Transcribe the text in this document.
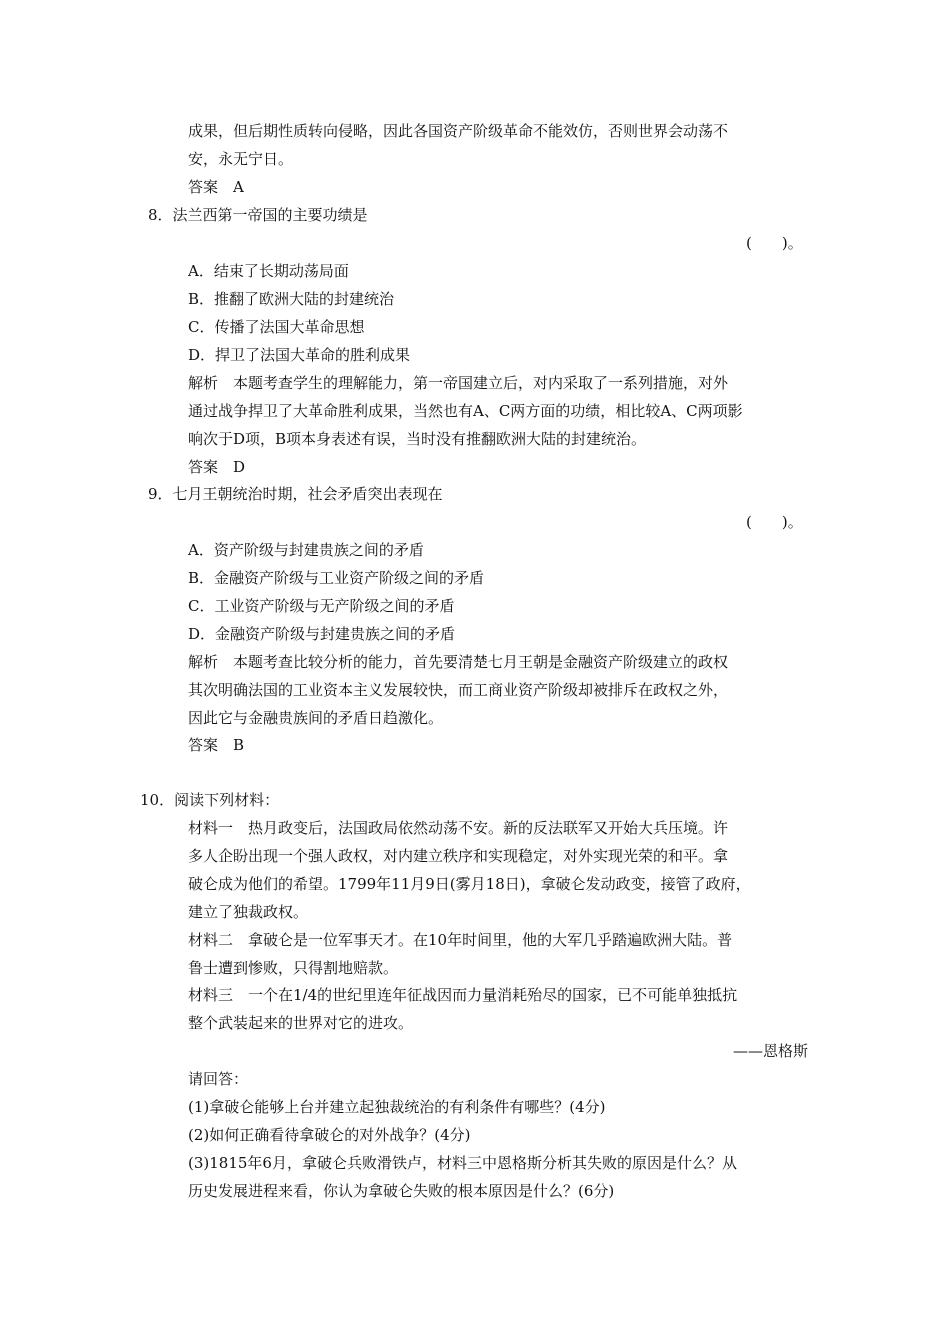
成果，但后期性质转向侵略，因此各国资产阶级革命不能效仿，否则世界会动荡不
安，永无宁日。
答案　A
8．法兰西第一帝国的主要功绩是
(　　)。
A．结束了长期动荡局面
B．推翻了欧洲大陆的封建统治
C．传播了法国大革命思想
D．捍卫了法国大革命的胜利成果
解析　本题考查学生的理解能力，第一帝国建立后，对内采取了一系列措施，对外
通过战争捍卫了大革命胜利成果，当然也有A、C两方面的功绩，相比较A、C两项影
响次于D项，B项本身表述有误，当时没有推翻欧洲大陆的封建统治。
答案　D
9．七月王朝统治时期，社会矛盾突出表现在
(　　)。
A．资产阶级与封建贵族之间的矛盾
B．金融资产阶级与工业资产阶级之间的矛盾
C．工业资产阶级与无产阶级之间的矛盾
D．金融资产阶级与封建贵族之间的矛盾
解析　本题考查比较分析的能力，首先要清楚七月王朝是金融资产阶级建立的政权
其次明确法国的工业资本主义发展较快，而工商业资产阶级却被排斥在政权之外，
因此它与金融贵族间的矛盾日趋激化。
答案　B
10．阅读下列材料：
材料一　热月政变后，法国政局依然动荡不安。新的反法联军又开始大兵压境。许
多人企盼出现一个强人政权，对内建立秩序和实现稳定，对外实现光荣的和平。拿
破仑成为他们的希望。1799年11月9日(雾月18日)，拿破仑发动政变，接管了政府，
建立了独裁政权。
材料二　拿破仑是一位军事天才。在10年时间里，他的大军几乎踏遍欧洲大陆。普
鲁士遭到惨败，只得割地赔款。
材料三　一个在1/4的世纪里连年征战因而力量消耗殆尽的国家，已不可能单独抵抗
整个武装起来的世界对它的进攻。
——恩格斯
请回答：
(1)拿破仑能够上台并建立起独裁统治的有利条件有哪些？(4分)
(2)如何正确看待拿破仑的对外战争？(4分)
(3)1815年6月，拿破仑兵败滑铁卢，材料三中恩格斯分析其失败的原因是什么？从
历史发展进程来看，你认为拿破仑失败的根本原因是什么？(6分)
